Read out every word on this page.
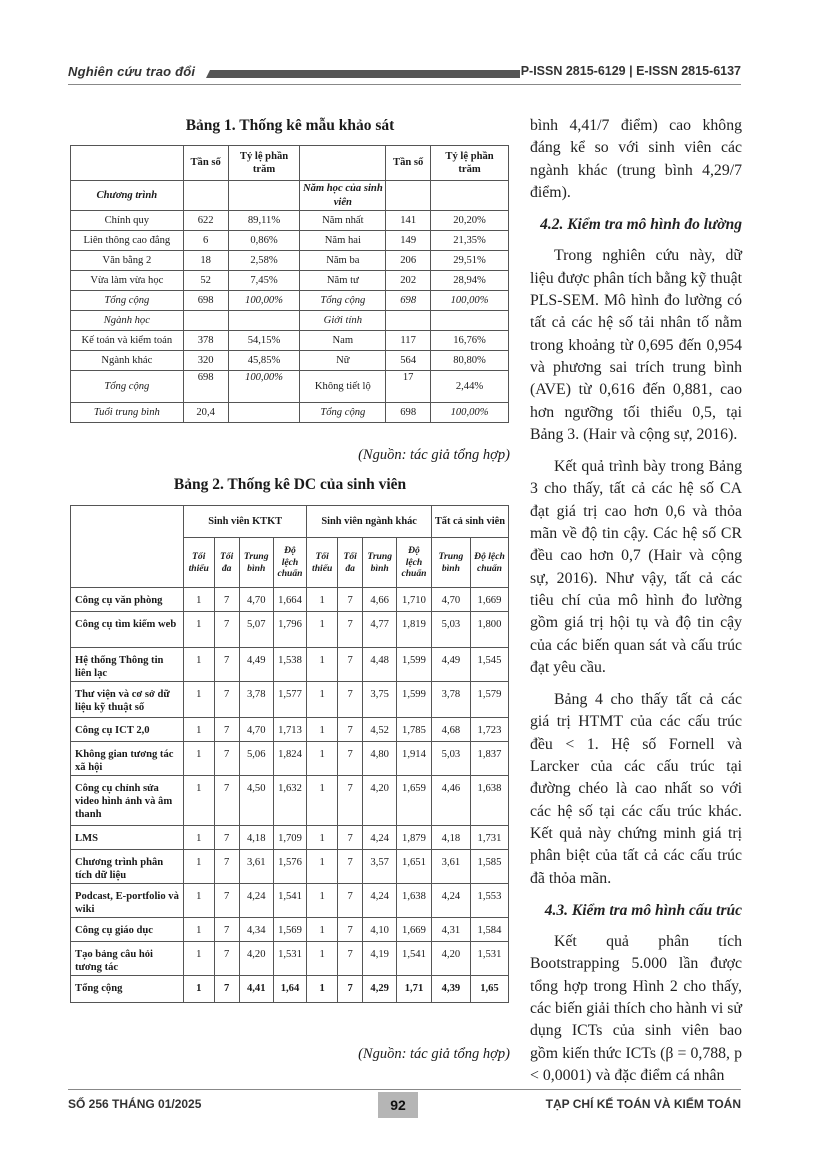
Nghiên cứu trao đổi	P-ISSN 2815-6129 | E-ISSN 2815-6137
Bảng 1. Thống kê mẫu khảo sát
	Tần số	Tỷ lệ phần trăm		Tần số	Tỷ lệ phần trăm
Chương trình			Năm học của sinh viên		
Chính quy	622	89,11%	Năm nhất	141	20,20%
Liên thông cao đẳng	6	0,86%	Năm hai	149	21,35%
Văn bằng 2	18	2,58%	Năm ba	206	29,51%
Vừa làm vừa học	52	7,45%	Năm tư	202	28,94%
Tổng cộng	698	100,00%	Tổng cộng	698	100,00%
Ngành học			Giới tính		
Kế toán và kiểm toán	378	54,15%	Nam	117	16,76%
Ngành khác	320	45,85%	Nữ	564	80,80%
Tổng cộng	698	100,00%	Không tiết lộ	17	2,44%
Tuổi trung bình	20,4		Tổng cộng	698	100,00%
(Nguồn: tác giả tổng hợp)
Bảng 2. Thống kê DC của sinh viên
	Sinh viên KTKT				Sinh viên ngành khác				Tất cả sinh viên	
	Tối thiểu	Tối đa	Trung bình	Độ lệch chuẩn	Tối thiểu	Tối đa	Trung bình	Độ lệch chuẩn	Trung bình	Độ lệch chuẩn
Công cụ văn phòng	1	7	4,70	1,664	1	7	4,66	1,710	4,70	1,669
Công cụ tìm kiếm web	1	7	5,07	1,796	1	7	4,77	1,819	5,03	1,800
Hệ thống Thông tin liên lạc	1	7	4,49	1,538	1	7	4,48	1,599	4,49	1,545
Thư viện và cơ sở dữ liệu kỹ thuật số	1	7	3,78	1,577	1	7	3,75	1,599	3,78	1,579
Công cụ ICT 2,0	1	7	4,70	1,713	1	7	4,52	1,785	4,68	1,723
Không gian tương tác xã hội	1	7	5,06	1,824	1	7	4,80	1,914	5,03	1,837
Công cụ chỉnh sửa video hình ảnh và âm thanh	1	7	4,50	1,632	1	7	4,20	1,659	4,46	1,638
LMS	1	7	4,18	1,709	1	7	4,24	1,879	4,18	1,731
Chương trình phân tích dữ liệu	1	7	3,61	1,576	1	7	3,57	1,651	3,61	1,585
Podcast, E-portfolio và wiki	1	7	4,24	1,541	1	7	4,24	1,638	4,24	1,553
Công cụ giáo dục	1	7	4,34	1,569	1	7	4,10	1,669	4,31	1,584
Tạo bảng câu hỏi tương tác	1	7	4,20	1,531	1	7	4,19	1,541	4,20	1,531
Tổng cộng	1	7	4,41	1,64	1	7	4,29	1,71	4,39	1,65
(Nguồn: tác giả tổng hợp)

bình 4,41/7 điểm) cao không đáng kể so với sinh viên các ngành khác (trung bình 4,29/7 điểm).

4.2. Kiểm tra mô hình đo lường

Trong nghiên cứu này, dữ liệu được phân tích bằng kỹ thuật PLS-SEM. Mô hình đo lường có tất cả các hệ số tải nhân tố nằm trong khoảng từ 0,695 đến 0,954 và phương sai trích trung bình (AVE) từ 0,616 đến 0,881, cao hơn ngưỡng tối thiểu 0,5, tại Bảng 3. (Hair và cộng sự, 2016).

Kết quả trình bày trong Bảng 3 cho thấy, tất cả các hệ số CA đạt giá trị cao hơn 0,6 và thỏa mãn về độ tin cậy. Các hệ số CR đều cao hơn 0,7 (Hair và cộng sự, 2016). Như vậy, tất cả các tiêu chí của mô hình đo lường gồm giá trị hội tụ và độ tin cậy của các biến quan sát và cấu trúc đạt yêu cầu.

Bảng 4 cho thấy tất cả các giá trị HTMT của các cấu trúc đều < 1. Hệ số Fornell và Larcker của các cấu trúc tại đường chéo là cao nhất so với các hệ số tại các cấu trúc khác. Kết quả này chứng minh giá trị phân biệt của tất cả các cấu trúc đã thỏa mãn.

4.3. Kiểm tra mô hình cấu trúc

Kết quả phân tích Bootstrapping 5.000 lần được tổng hợp trong Hình 2 cho thấy, các biến giải thích cho hành vi sử dụng ICTs của sinh viên bao gồm kiến thức ICTs (β = 0,788, p < 0,0001) và đặc điểm cá nhân

SỐ 256 THÁNG 01/2025	92	TẠP CHÍ KẾ TOÁN VÀ KIỂM TOÁN
